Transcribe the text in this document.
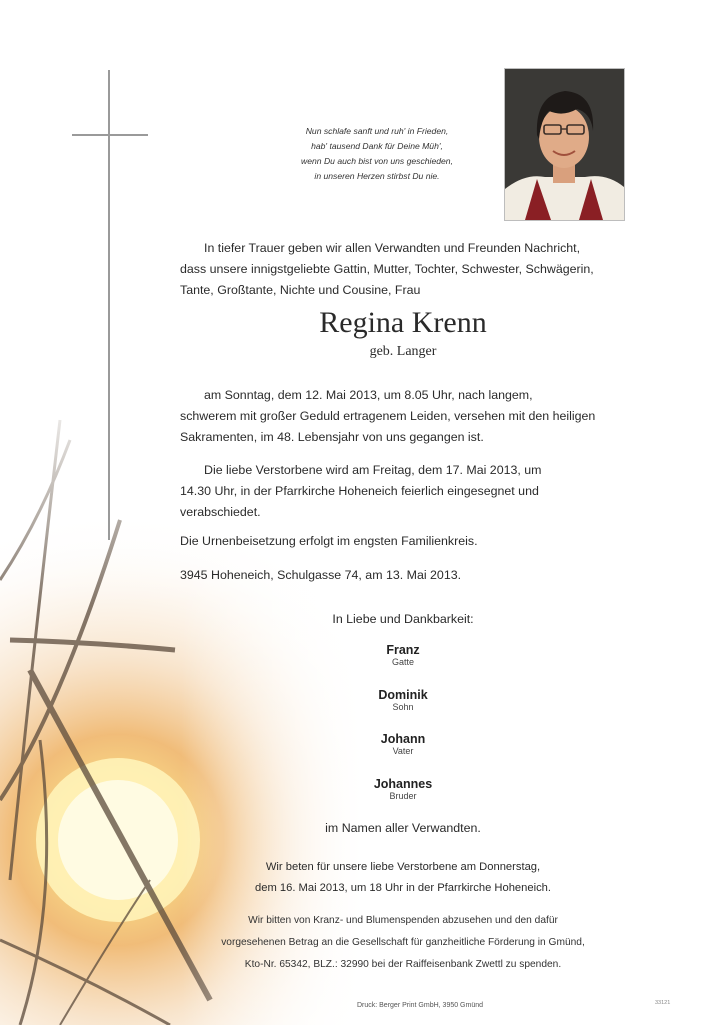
Nun schlafe sanft und ruh' in Frieden,
hab' tausend Dank für Deine Müh',
wenn Du auch bist von uns geschieden,
in unseren Herzen stirbst Du nie.
In tiefer Trauer geben wir allen Verwandten und Freunden Nachricht,
dass unsere innigstgeliebte Gattin, Mutter, Tochter, Schwester, Schwägerin,
Tante, Großtante, Nichte und Cousine, Frau
Regina Krenn
geb. Langer
am Sonntag, dem 12. Mai 2013, um 8.05 Uhr, nach langem,
schwerem mit großer Geduld ertragenem Leiden, versehen mit den heiligen
Sakramenten, im 48. Lebensjahr von uns gegangen ist.
Die liebe Verstorbene wird am Freitag, dem 17. Mai 2013, um
14.30 Uhr, in der Pfarrkirche Hoheneich feierlich eingesegnet und
verabschiedet.
Die Urnenbeisetzung erfolgt im engsten Familienkreis.
3945 Hoheneich, Schulgasse 74, am 13. Mai 2013.
In Liebe und Dankbarkeit:
Franz
Gatte
Dominik
Sohn
Johann
Vater
Johannes
Bruder
im Namen aller Verwandten.
Wir beten für unsere liebe Verstorbene am Donnerstag,
dem 16. Mai 2013, um 18 Uhr in der Pfarrkirche Hoheneich.
Wir bitten von Kranz- und Blumenspenden abzusehen und den dafür
vorgesehenen Betrag an die Gesellschaft für ganzheitliche Förderung in Gmünd,
Kto-Nr. 65342, BLZ.: 32990 bei der Raiffeisenbank Zwettl zu spenden.
Druck: Berger Print GmbH, 3950 Gmünd	33121
